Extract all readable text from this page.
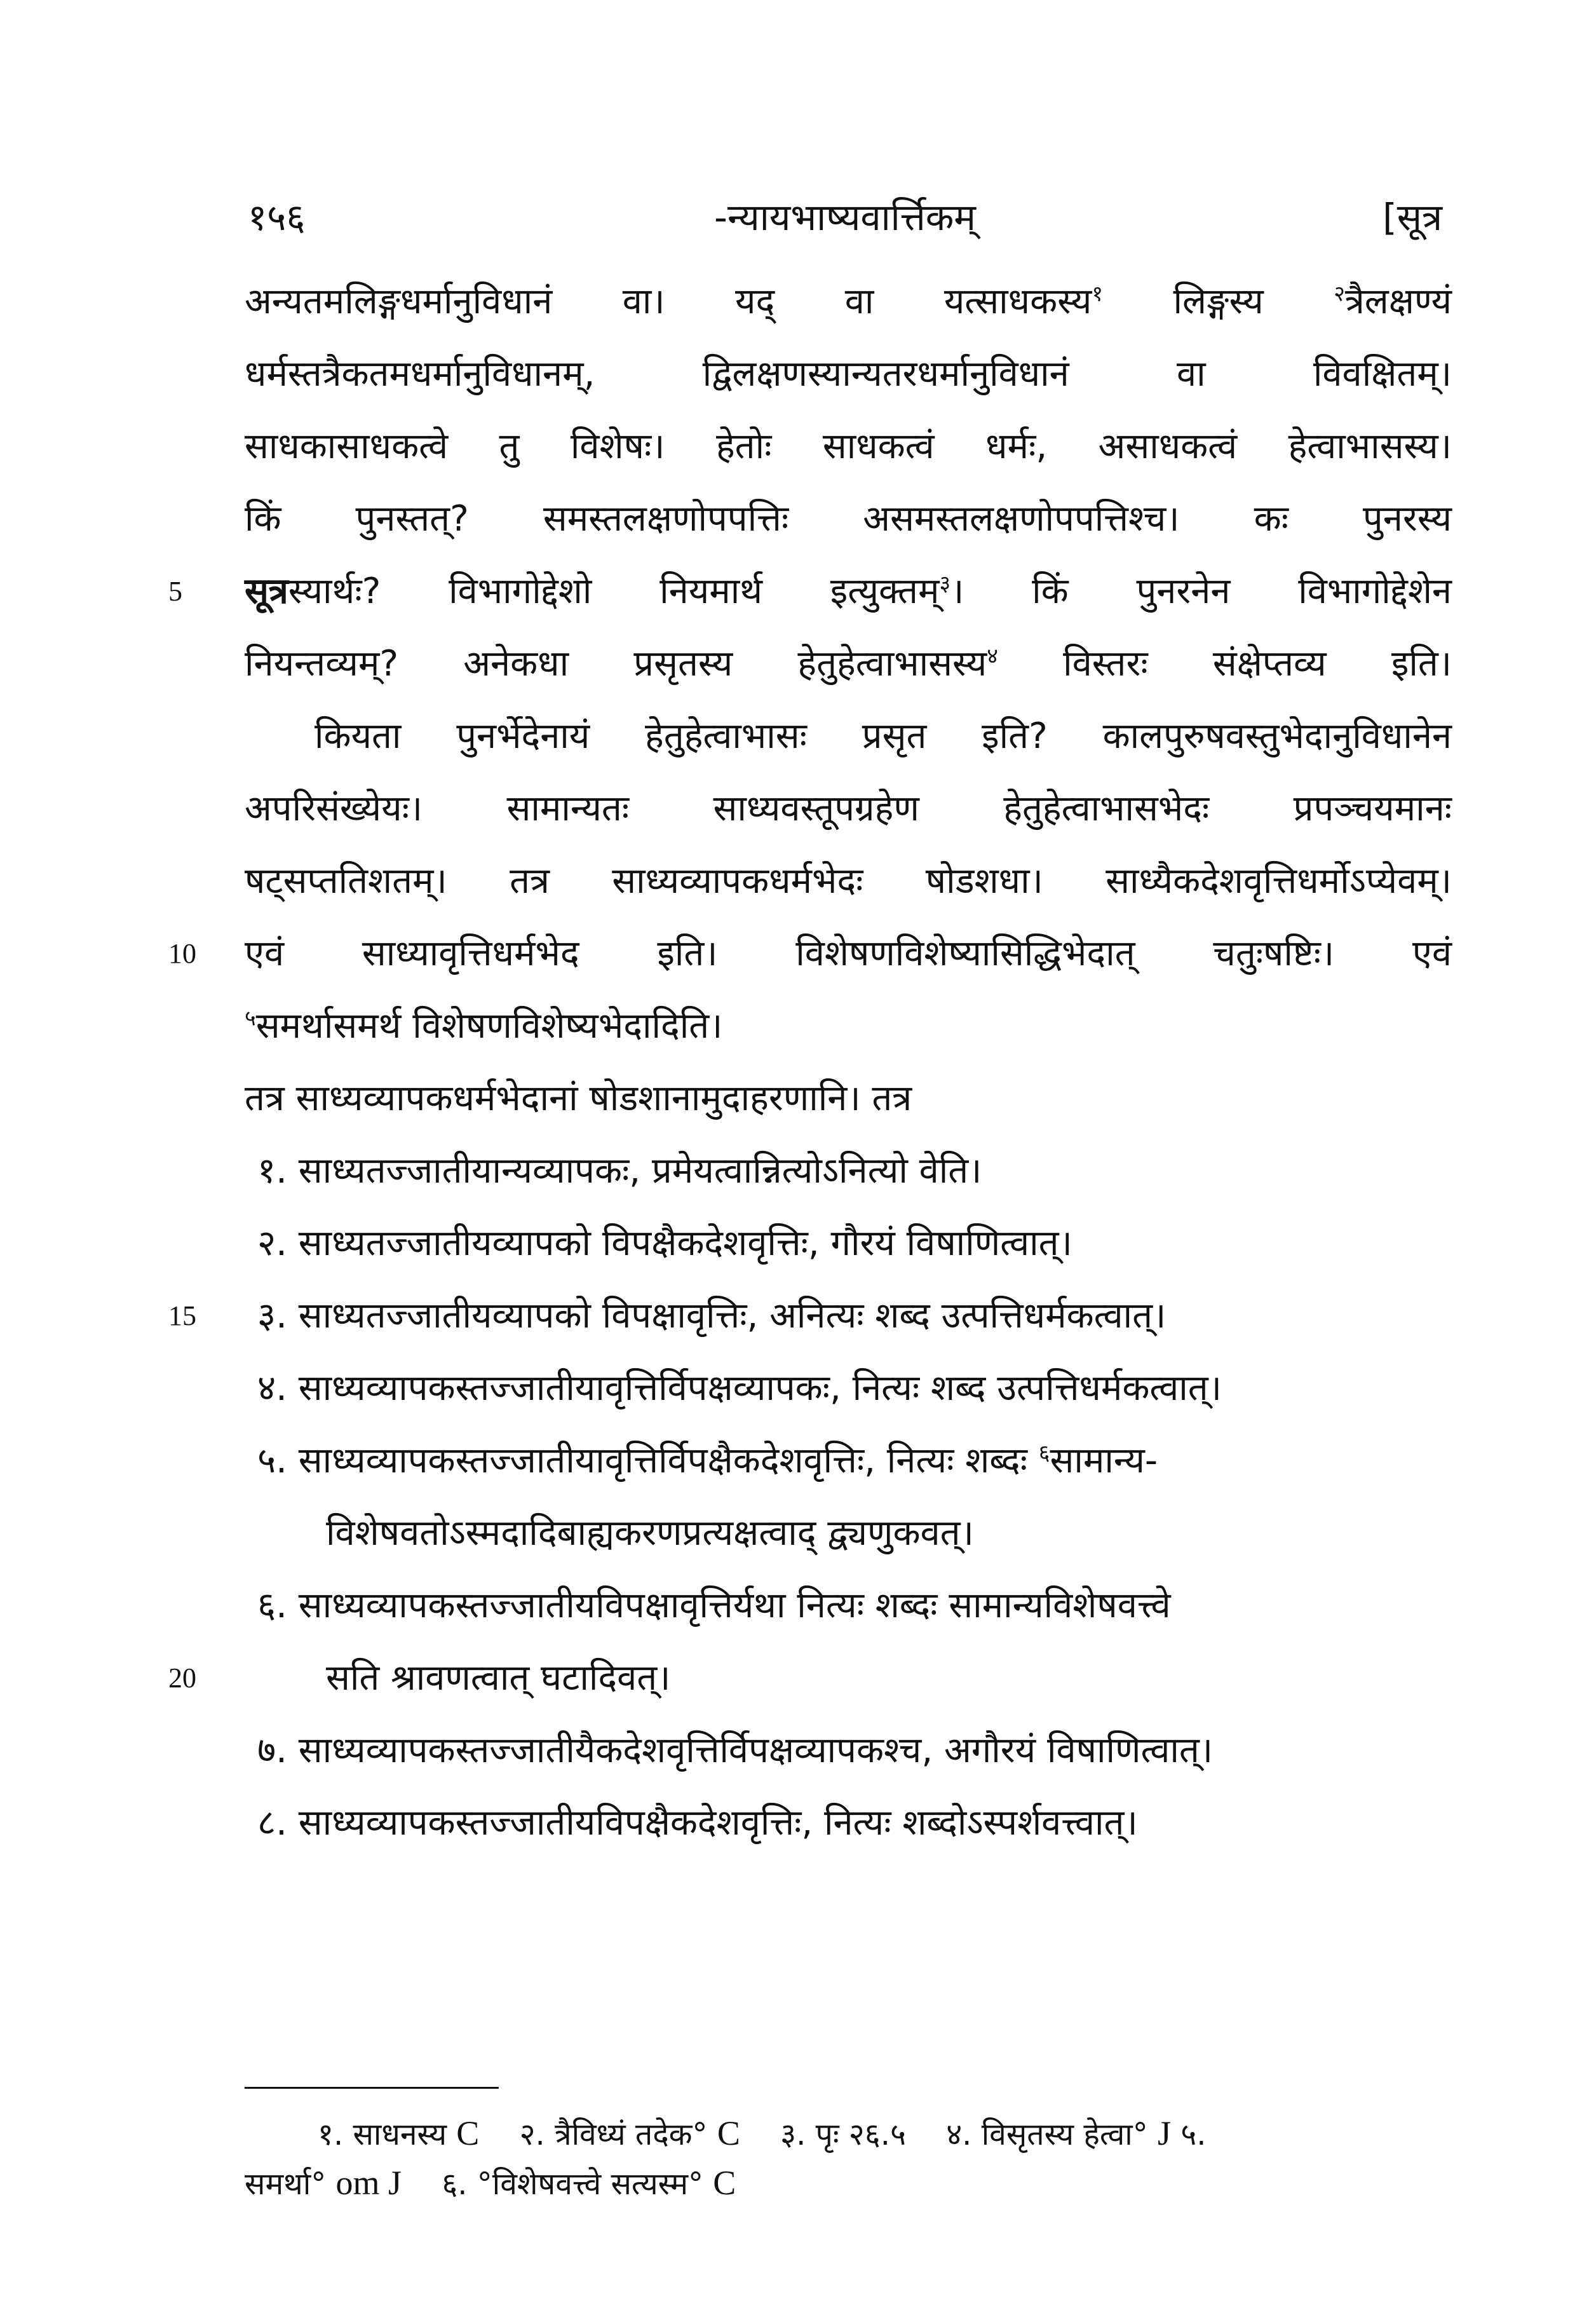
१५६	-न्यायभाष्यवार्त्तिकम्	[सूत्र
अन्यतमलिङ्गधर्मानुविधानं वा। यद् वा यत्साधकस्य$^१$ लिङ्गस्य $^२$त्रैलक्षण्यं
धर्मस्तत्रैकतमधर्मानुविधानम्, द्विलक्षणस्यान्यतरधर्मानुविधानं वा विवक्षितम्।
साधकासाधकत्वे तु विशेषः। हेतोः साधकत्वं धर्मः, असाधकत्वं हेत्वाभासस्य।
किं पुनस्तत्? समस्तलक्षणोपपत्तिः असमस्तलक्षणोपपत्तिश्च। कः पुनरस्य
5	सूत्रस्यार्थः? विभागोद्देशो नियमार्थ इत्युक्तम्$^३$। किं पुनरनेन विभागोद्देशेन
नियन्तव्यम्? अनेकधा प्रसृतस्य हेतुहेत्वाभासस्य$^४$ विस्तरः संक्षेप्तव्य इति।
कियता पुनर्भेदेनायं हेतुहेत्वाभासः प्रसृत इति? कालपुरुषवस्तुभेदानुविधानेन
अपरिसंख्येयः। सामान्यतः साध्यवस्तूपग्रहेण हेतुहेत्वाभासभेदः प्रपञ्चयमानः
षट्सप्ततिशतम्। तत्र साध्यव्यापकधर्मभेदः षोडशधा। साध्यैकदेशवृत्तिधर्मोऽप्येवम्।
10 एवं साध्यावृत्तिधर्मभेद इति। विशेषणविशेष्यासिद्धिभेदात् चतुःषष्टिः। एवं
$^५$समर्थासमर्थ विशेषणविशेष्यभेदादिति।
तत्र साध्यव्यापकधर्मभेदानां षोडशानामुदाहरणानि। तत्र
१. साध्यतज्जातीयान्यव्यापकः, प्रमेयत्वान्नित्योऽनित्यो वेति।
२. साध्यतज्जातीयव्यापको विपक्षैकदेशवृत्तिः, गौरयं विषाणित्वात्।
15 ३. साध्यतज्जातीयव्यापको विपक्षावृत्तिः, अनित्यः शब्द उत्पत्तिधर्मकत्वात्।
४. साध्यव्यापकस्तज्जातीयावृत्तिर्विपक्षव्यापकः, नित्यः शब्द उत्पत्तिधर्मकत्वात्।
५. साध्यव्यापकस्तज्जातीयावृत्तिर्विपक्षैकदेशवृत्तिः, नित्यः शब्दः $^६$सामान्य-
विशेषवतोऽस्मदादिबाह्यकरणप्रत्यक्षत्वाद् द्व्यणुकवत्।
६. साध्यव्यापकस्तज्जातीयविपक्षावृत्तिर्यथा नित्यः शब्दः सामान्यविशेषवत्त्वे
20	सति श्रावणत्वात् घटादिवत्।
७. साध्यव्यापकस्तज्जातीयैकदेशवृत्तिर्विपक्षव्यापकश्च, अगौरयं विषाणित्वात्।
८. साध्यव्यापकस्तज्जातीयविपक्षैकदेशवृत्तिः, नित्यः शब्दोऽस्पर्शवत्त्वात्।
१. साधनस्य C २. त्रैविध्यं तदेक° C ३. पृः २६.५ ४. विसृतस्य हेत्वा° J ५.
समर्था° om J ६. °विशेषवत्त्वे सत्यस्म° C
